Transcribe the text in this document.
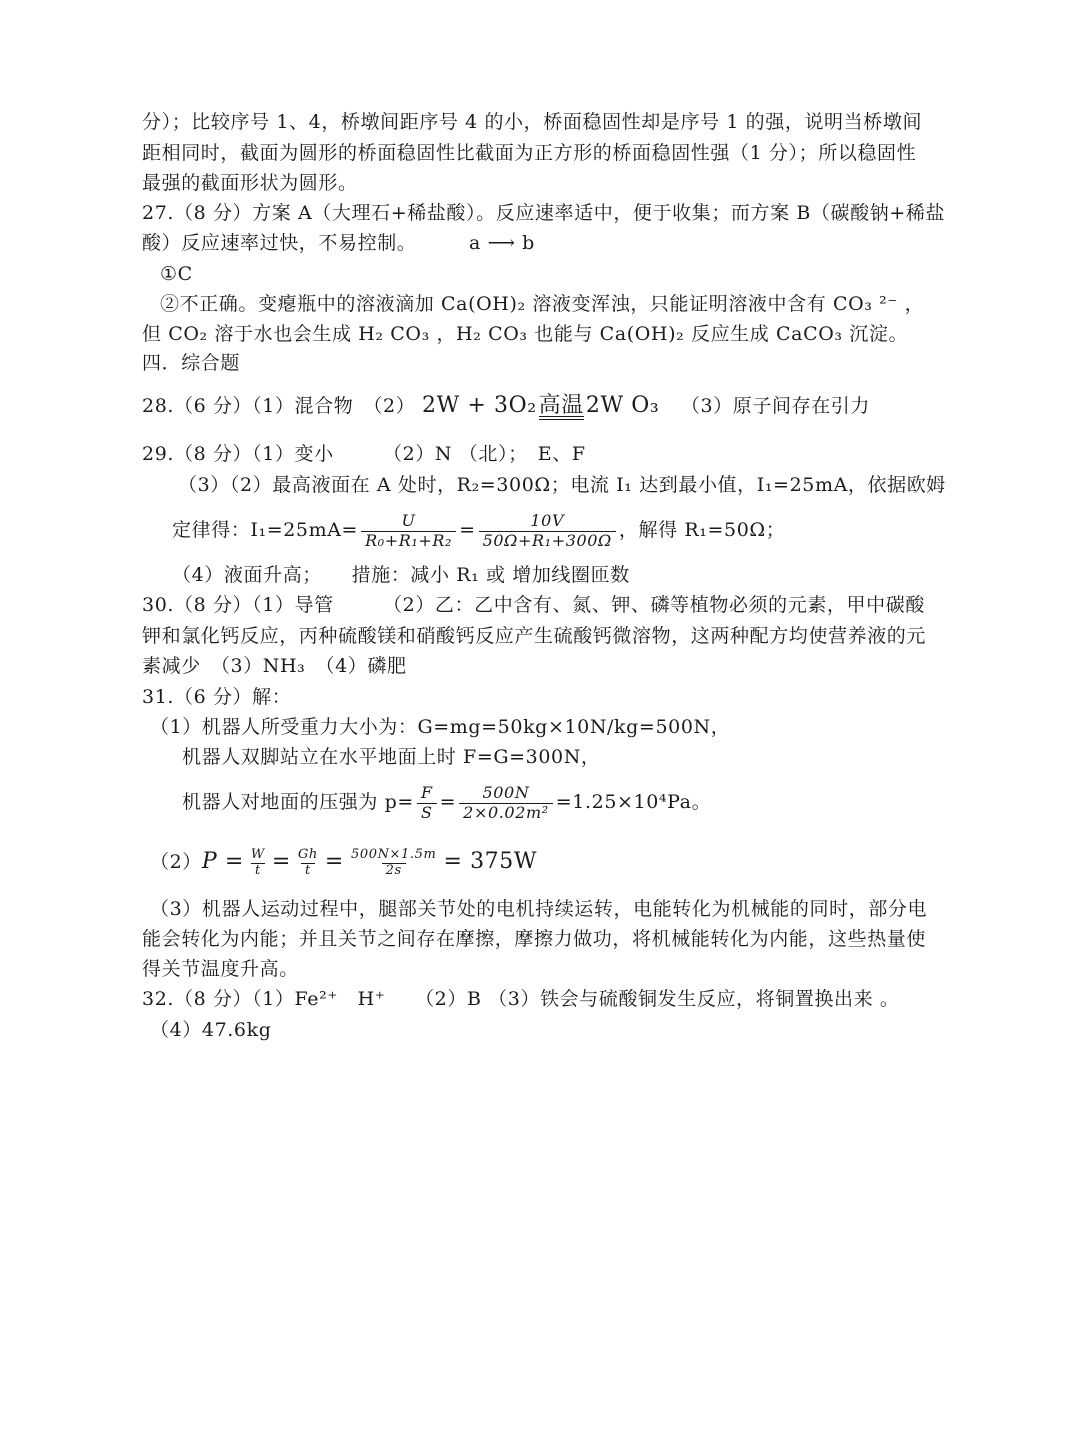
分）；比较序号 1、4，桥墩间距序号 4 的小，桥面稳固性却是序号 1 的强，说明当桥墩间
距相同时，截面为圆形的桥面稳固性比截面为正方形的桥面稳固性强（1 分）；所以稳固性
最强的截面形状为圆形。
27.（8 分）方案 A（大理石+稀盐酸）。反应速率适中，便于收集；而方案 B（碳酸钠+稀盐
酸）反应速率过快，不易控制。	a ⟶ b
①C
②不正确。变瘪瓶中的溶液滴加 Ca(OH)₂ 溶液变浑浊，只能证明溶液中含有 CO₃ ²⁻ ，
但 CO₂ 溶于水也会生成 H₂ CO₃ ，H₂ CO₃ 也能与 Ca(OH)₂ 反应生成 CaCO₃ 沉淀。
四．综合题
28.（6 分）（1）混合物　（2） 2W + 3O₂高温2W O₃ （3）原子间存在引力
29.（8 分）（1）变小　　　（2）N （北）；　E、F
（3）（2）最高液面在 A 处时，R₂=300Ω；电流 I₁ 达到最小值，I₁=25mA，依据欧姆
定律得：$I_1=25mA= \frac{U}{\text{R₀+R₁+R₂}} = \frac{10V}{\text{50Ω+R₁+300Ω}}$ ，解得 R₁=50Ω；
（4）液面升高；　　措施：减小 R₁ 或 增加线圈匝数
30.（8 分）（1）导管　　　（2）乙：乙中含有、氮、钾、磷等植物必须的元素，甲中碳酸
钾和氯化钙反应，丙种硫酸镁和硝酸钙反应产生硫酸钙微溶物，这两种配方均使营养液的元
素减少　（3）NH₃　（4）磷肥
31.（6 分）解：
（1）机器人所受重力大小为：G=mg=50kg×10N/kg=500N，
机器人双脚站立在水平地面上时 F=G=300N，
机器人对地面的压强为 $p= \frac{F}{S} = \frac{500N}{\text{2×0.02m²}} =1.25\times 10^4Pa$。
$(2)P = \frac{W}{t} = \frac{Gh}{t} = \frac{500N\times 1.5m}{2s} = 375W$
（3）机器人运动过程中，腿部关节处的电机持续运转，电能转化为机械能的同时，部分电
能会转化为内能；并且关节之间存在摩擦，摩擦力做功，将机械能转化为内能，这些热量使
得关节温度升高。
32.（8 分）（1）Fe²⁺　H⁺　　（2）B （3）铁会与硫酸铜发生反应，将铜置换出来 。
（4）47.6kg
